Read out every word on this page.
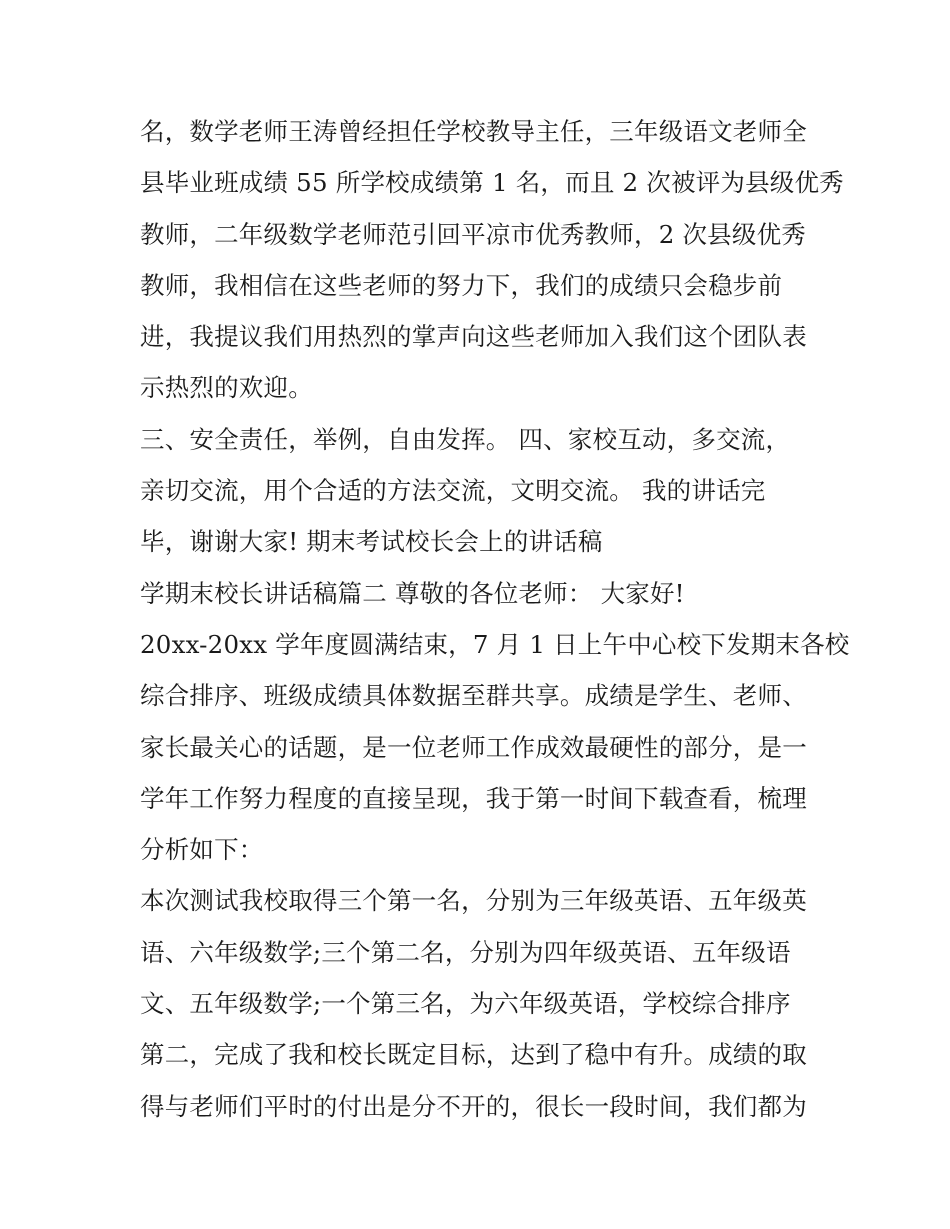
名，数学老师王涛曾经担任学校教导主任，三年级语文老师全
县毕业班成绩 55 所学校成绩第 1 名，而且 2 次被评为县级优秀
教师，二年级数学老师范引回平凉市优秀教师，2 次县级优秀
教师，我相信在这些老师的努力下，我们的成绩只会稳步前
进，我提议我们用热烈的掌声向这些老师加入我们这个团队表
示热烈的欢迎。
三、安全责任，举例，自由发挥。 四、家校互动，多交流，
亲切交流，用个合适的方法交流，文明交流。 我的讲话完
毕，谢谢大家! 期末考试校长会上的讲话稿
学期末校长讲话稿篇二 尊敬的各位老师： 大家好!
20xx-20xx 学年度圆满结束，7 月 1 日上午中心校下发期末各校
综合排序、班级成绩具体数据至群共享。成绩是学生、老师、
家长最关心的话题，是一位老师工作成效最硬性的部分，是一
学年工作努力程度的直接呈现，我于第一时间下载查看，梳理
分析如下：
本次测试我校取得三个第一名，分别为三年级英语、五年级英
语、六年级数学;三个第二名，分别为四年级英语、五年级语
文、五年级数学;一个第三名，为六年级英语，学校综合排序
第二，完成了我和校长既定目标，达到了稳中有升。成绩的取
得与老师们平时的付出是分不开的，很长一段时间，我们都为
